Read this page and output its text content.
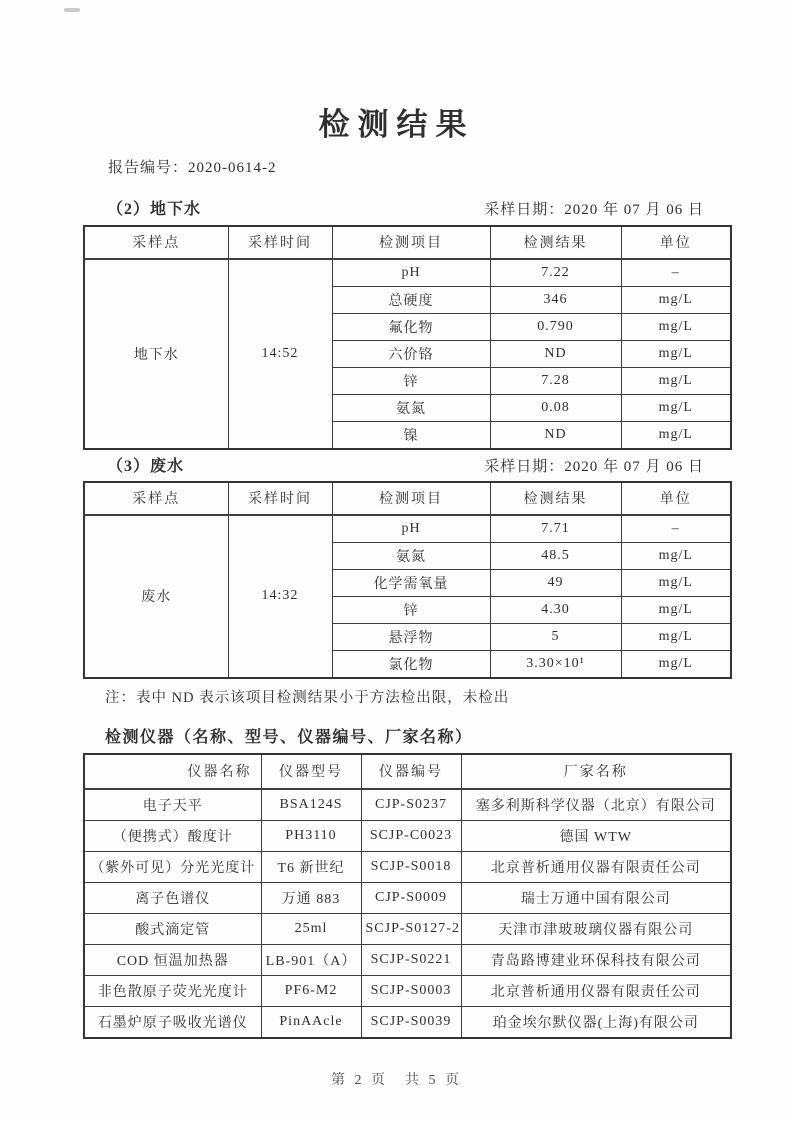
检测结果
报告编号：2020-0614-2
（2）地下水	采样日期：2020 年 07 月 06 日
采样点	采样时间	检测项目	检测结果	单位
地下水	14:52	pH	7.22	–
		总硬度	346	mg/L
		氟化物	0.790	mg/L
		六价铬	ND	mg/L
		锌	7.28	mg/L
		氨氮	0.08	mg/L
		镍	ND	mg/L
（3）废水	采样日期：2020 年 07 月 06 日
采样点	采样时间	检测项目	检测结果	单位
废水	14:32	pH	7.71	–
		氨氮	48.5	mg/L
		化学需氧量	49	mg/L
		锌	4.30	mg/L
		悬浮物	5	mg/L
		氯化物	3.30×10¹	mg/L
注：表中 ND 表示该项目检测结果小于方法检出限，未检出
检测仪器（名称、型号、仪器编号、厂家名称）
仪器名称	仪器型号	仪器编号	厂家名称
电子天平	BSA124S	CJP-S0237	塞多利斯科学仪器（北京）有限公司
（便携式）酸度计	PH3110	SCJP-C0023	德国 WTW
（紫外可见）分光光度计	T6 新世纪	SCJP-S0018	北京普析通用仪器有限责任公司
离子色谱仪	万通 883	CJP-S0009	瑞士万通中国有限公司
酸式滴定管	25ml	SCJP-S0127-2	天津市津玻玻璃仪器有限公司
COD 恒温加热器	LB-901（A）	SCJP-S0221	青岛路博建业环保科技有限公司
非色散原子荧光光度计	PF6-M2	SCJP-S0003	北京普析通用仪器有限责任公司
石墨炉原子吸收光谱仪	PinAAcle	SCJP-S0039	珀金埃尔默仪器(上海)有限公司
第 2 页　共 5 页
